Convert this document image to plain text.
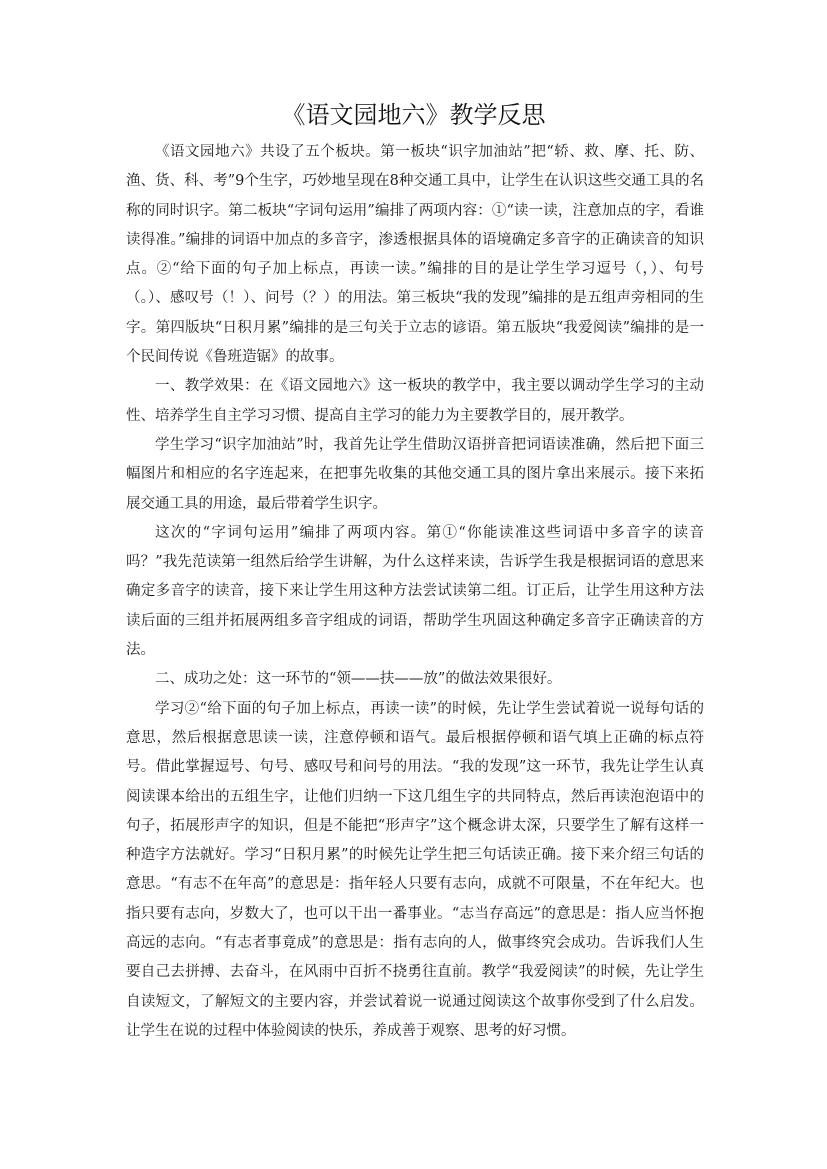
《语文园地六》教学反思

《语文园地六》共设了五个板块。第一板块“识字加油站”把“轿、救、摩、托、防、渔、货、科、考”9个生字，巧妙地呈现在8种交通工具中，让学生在认识这些交通工具的名称的同时识字。第二板块“字词句运用”编排了两项内容：①“读一读，注意加点的字，看谁读得准。”编排的词语中加点的多音字，渗透根据具体的语境确定多音字的正确读音的知识点。②“给下面的句子加上标点，再读一读。”编排的目的是让学生学习逗号（，）、句号（。）、感叹号（！）、问号（？）的用法。第三板块“我的发现”编排的是五组声旁相同的生字。第四版块“日积月累”编排的是三句关于立志的谚语。第五版块“我爱阅读”编排的是一个民间传说《鲁班造锯》的故事。

一、教学效果：在《语文园地六》这一板块的教学中，我主要以调动学生学习的主动性、培养学生自主学习习惯、提高自主学习的能力为主要教学目的，展开教学。

学生学习“识字加油站”时，我首先让学生借助汉语拼音把词语读准确，然后把下面三幅图片和相应的名字连起来，在把事先收集的其他交通工具的图片拿出来展示。接下来拓展交通工具的用途，最后带着学生识字。

这次的“字词句运用”编排了两项内容。第①“你能读准这些词语中多音字的读音吗？”我先范读第一组然后给学生讲解，为什么这样来读，告诉学生我是根据词语的意思来确定多音字的读音，接下来让学生用这种方法尝试读第二组。订正后，让学生用这种方法读后面的三组并拓展两组多音字组成的词语，帮助学生巩固这种确定多音字正确读音的方法。

二、成功之处：这一环节的“领——扶——放”的做法效果很好。

学习②“给下面的句子加上标点，再读一读”的时候，先让学生尝试着说一说每句话的意思，然后根据意思读一读，注意停顿和语气。最后根据停顿和语气填上正确的标点符号。借此掌握逗号、句号、感叹号和问号的用法。“我的发现”这一环节，我先让学生认真阅读课本给出的五组生字，让他们归纳一下这几组生字的共同特点，然后再读泡泡语中的句子，拓展形声字的知识，但是不能把“形声字”这个概念讲太深，只要学生了解有这样一种造字方法就好。学习“日积月累”的时候先让学生把三句话读正确。接下来介绍三句话的意思。“有志不在年高”的意思是：指年轻人只要有志向，成就不可限量，不在年纪大。也指只要有志向，岁数大了，也可以干出一番事业。“志当存高远”的意思是：指人应当怀抱高远的志向。“有志者事竟成”的意思是：指有志向的人，做事终究会成功。告诉我们人生要自己去拼搏、去奋斗，在风雨中百折不挠勇往直前。教学“我爱阅读”的时候，先让学生自读短文，了解短文的主要内容，并尝试着说一说通过阅读这个故事你受到了什么启发。让学生在说的过程中体验阅读的快乐，养成善于观察、思考的好习惯。
